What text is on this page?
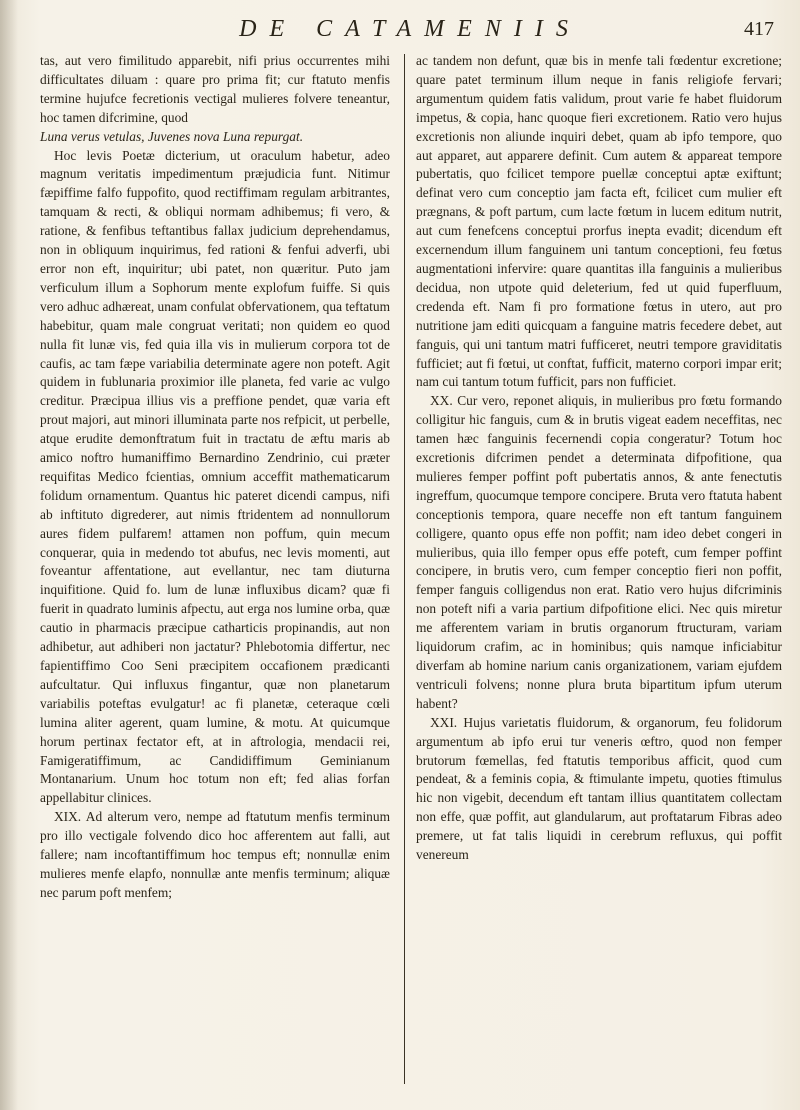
DE CATAMENIIS	417

tas, aut vero fimilitudo apparebit, nifi prius occurrentes mihi difficultates diluam : quare pro prima fit; cur ftatuto menfis termine hujufce fecretionis vectigal mulieres folvere teneantur, hoc tamen difcrimine, quod

Luna verus vetulas, Juvenes nova Luna repurgat.

Hoc levis Poetæ dicterium, ut oraculum habetur, adeo magnum veritatis impedimentum præjudicia funt. Nitimur fæpiffime falfo fuppofito, quod rectiffimam regulam arbitrantes, tamquam & recti, & obliqui normam adhibemus; fi vero, & ratione, & fenfibus teftantibus fallax judicium deprehendamus, non in obliquum inquirimus, fed rationi & fenfui adverfi, ubi error non eft, inquiritur; ubi patet, non quæritur. Puto jam verficulum illum a Sophorum mente explofum fuiffe. Si quis vero adhuc adhæreat, unam confulat obfervationem, qua teftatum habebitur, quam male congruat veritati; non quidem eo quod nulla fit lunæ vis, fed quia illa vis in mulierum corpora tot de caufis, ac tam fæpe variabilia determinate agere non poteft. Agit quidem in fublunaria proximior ille planeta, fed varie ac vulgo creditur. Præcipua illius vis a preffione pendet, quæ varia eft prout majori, aut minori illuminata parte nos refpicit, ut perbelle, atque erudite demonftratum fuit in tractatu de æftu maris ab amico noftro humaniffimo Bernardino Zendrinio, cui præter requifitas Medico fcientias, omnium acceffit mathematicarum folidum ornamentum. Quantus hic pateret dicendi campus, nifi ab inftituto digrederer, aut nimis ftridentem ad nonnullorum aures fidem pulfarem! attamen non poffum, quin mecum conquerar, quia in medendo tot abufus, nec levis momenti, aut foveantur affentatione, aut evellantur, nec tam diuturna inquifitione. Quid fo. lum de lunæ influxibus dicam? quæ fi fuerit in quadrato luminis afpectu, aut erga nos lumine orba, quæ cautio in pharmacis præcipue catharticis propinandis, aut non adhibetur, aut adhiberi non jactatur? Phlebotomia differtur, nec fapientiffimo Coo Seni præcipitem occafionem prædicanti aufcultatur. Qui influxus fingantur, quæ non planetarum variabilis poteftas evulgatur! ac fi planetæ, ceteraque cœli lumina aliter agerent, quam lumine, & motu. At quicumque horum pertinax fectator eft, at in aftrologia, mendacii rei, Famigeratiffimum, ac Candidiffimum Geminianum Montanarium. Unum hoc totum non eft; fed alias forfan appellabitur clinices.

XIX. Ad alterum vero, nempe ad ftatutum menfis terminum pro illo vectigale folvendo dico hoc afferentem aut falli, aut fallere; nam incoftantiffimum hoc tempus eft; nonnullæ enim mulieres menfe elapfo, nonnullæ ante menfis terminum; aliquæ nec parum poft menfem;

ac tandem non defunt, quæ bis in menfe tali fœdentur excretione; quare patet terminum illum neque in fanis religiofe fervari; argumentum quidem fatis validum, prout varie fe habet fluidorum impetus, & copia, hanc quoque fieri excretionem. Ratio vero hujus excretionis non aliunde inquiri debet, quam ab ipfo tempore, quo aut apparet, aut apparere definit. Cum autem & appareat tempore pubertatis, quo fcilicet tempore puellæ conceptui aptæ exiftunt; definat vero cum conceptio jam facta eft, fcilicet cum mulier eft prægnans, & poft partum, cum lacte fœtum in lucem editum nutrit, aut cum fenefcens conceptui prorfus inepta evadit; dicendum eft excernendum illum fanguinem uni tantum conceptioni, feu fœtus augmentationi infervire: quare quantitas illa fanguinis a mulieribus decidua, non utpote quid deleterium, fed ut quid fuperfluum, credenda eft. Nam fi pro formatione fœtus in utero, aut pro nutritione jam editi quicquam a fanguine matris fecedere debet, aut fanguis, qui uni tantum matri fufficeret, neutri tempore graviditatis fufficiet; aut fi fœtui, ut conftat, fufficit, materno corpori impar erit; nam cui tantum totum fufficit, pars non fufficiet.

XX. Cur vero, reponet aliquis, in mulieribus pro fœtu formando colligitur hic fanguis, cum & in brutis vigeat eadem neceffitas, nec tamen hæc fanguinis fecernendi copia congeratur? Totum hoc excretionis difcrimen pendet a determinata difpofitione, qua mulieres femper poffint poft pubertatis annos, & ante fenectutis ingreffum, quocumque tempore concipere. Bruta vero ftatuta habent conceptionis tempora, quare neceffe non eft tantum fanguinem colligere, quanto opus effe non poffit; nam ideo debet congeri in mulieribus, quia illo femper opus effe poteft, cum femper poffint concipere, in brutis vero, cum femper conceptio fieri non poffit, femper fanguis colligendus non erat. Ratio vero hujus difcriminis non poteft nifi a varia partium difpofitione elici. Nec quis miretur me afferentem variam in brutis organorum ftructuram, variam liquidorum crafim, ac in hominibus; quis namque inficiabitur diverfam ab homine narium canis organizationem, variam ejufdem ventriculi folvens; nonne plura bruta bipartitum ipfum uterum habent?

XXI. Hujus varietatis fluidorum, & organorum, feu folidorum argumentum ab ipfo erui tur veneris œftro, quod non femper brutorum fœmellas, fed ftatutis temporibus afficit, quod cum pendeat, & a feminis copia, & ftimulante impetu, quoties ftimulus hic non vigebit, decendum eft tantam illius quantitatem collectam non effe, quæ poffit, aut glandularum, aut proftatarum Fibras adeo premere, ut fat talis liquidi in cerebrum refluxus, qui poffit venereum
